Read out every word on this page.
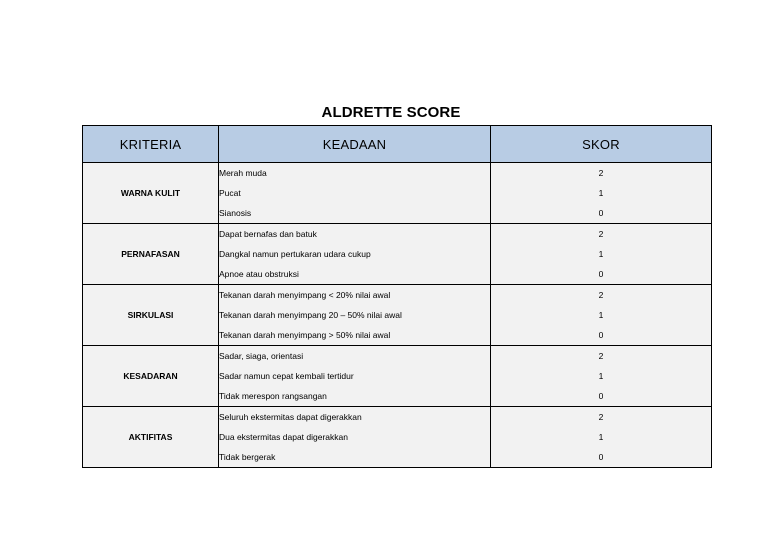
ALDRETTE SCORE
KRITERIA	KEADAAN	SKOR
WARNA KULIT	Merah muda	2
	Pucat	1
	Sianosis	0
PERNAFASAN	Dapat bernafas dan batuk	2
	Dangkal namun pertukaran udara cukup	1
	Apnoe atau obstruksi	0
SIRKULASI	Tekanan darah menyimpang < 20% nilai awal	2
	Tekanan darah menyimpang 20 – 50% nilai awal	1
	Tekanan darah menyimpang > 50% nilai awal	0
KESADARAN	Sadar, siaga, orientasi	2
	Sadar namun cepat kembali tertidur	1
	Tidak merespon rangsangan	0
AKTIFITAS	Seluruh ekstermitas dapat digerakkan	2
	Dua ekstermitas dapat digerakkan	1
	Tidak bergerak	0
